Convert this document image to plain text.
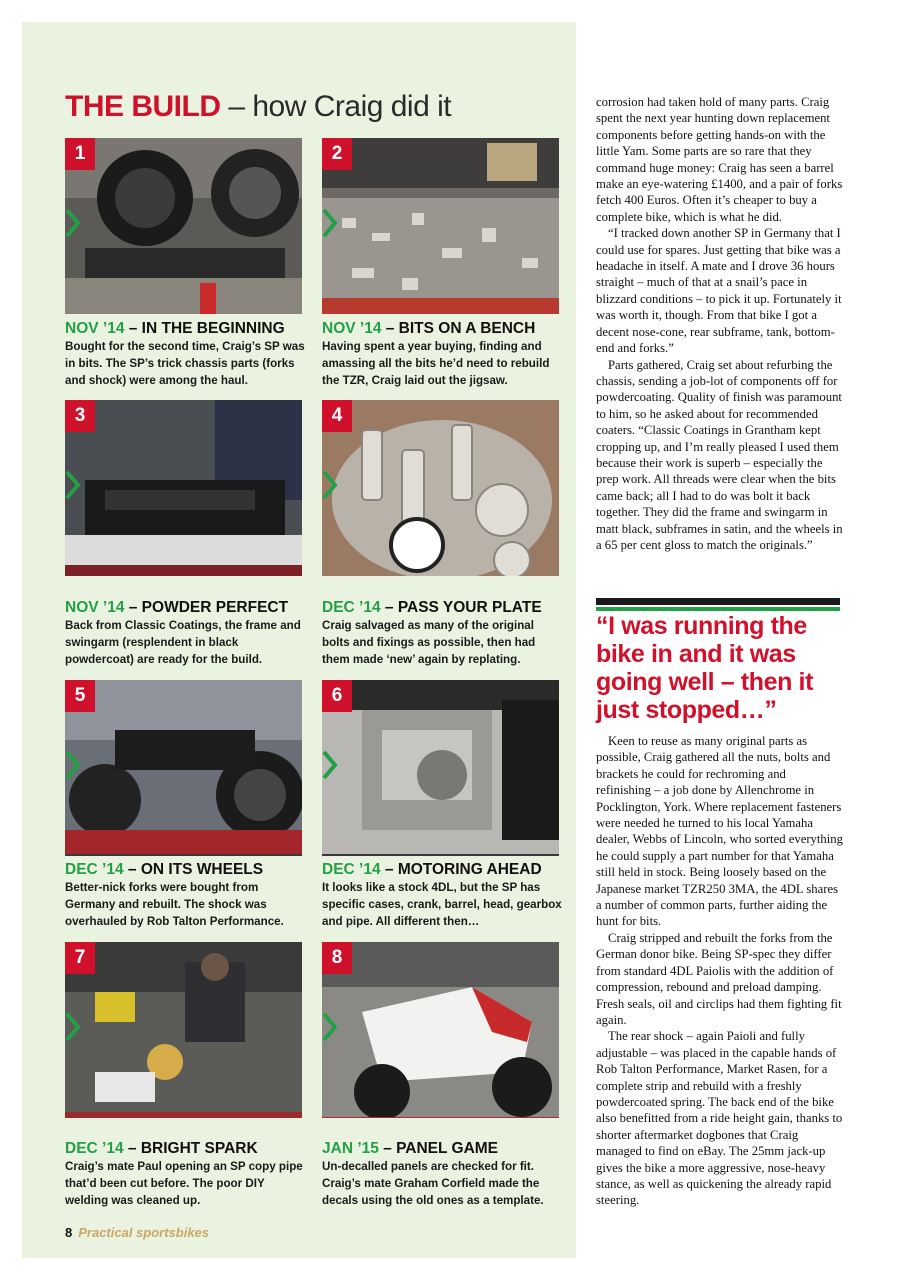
THE BUILD – how Craig did it
1
NOV ’14 – IN THE BEGINNING
Bought for the second time, Craig’s SP was in bits. The SP’s trick chassis parts (forks and shock) were among the haul.
2
NOV ’14 – BITS ON A BENCH
Having spent a year buying, finding and amassing all the bits he’d need to rebuild the TZR, Craig laid out the jigsaw.
3
NOV ’14 – POWDER PERFECT
Back from Classic Coatings, the frame and swingarm (resplendent in black powdercoat) are ready for the build.
4
DEC ’14 – PASS YOUR PLATE
Craig salvaged as many of the original bolts and fixings as possible, then had them made ‘new’ again by replating.
5
DEC ’14 – ON ITS WHEELS
Better-nick forks were bought from Germany and rebuilt. The shock was overhauled by Rob Talton Performance.
6
DEC ’14 – MOTORING AHEAD
It looks like a stock 4DL, but the SP has specific cases, crank, barrel, head, gearbox and pipe. All different then…
7
DEC ’14 – BRIGHT SPARK
Craig’s mate Paul opening an SP copy pipe that’d been cut before. The poor DIY welding was cleaned up.
8
JAN ’15 – PANEL GAME
Un-decalled panels are checked for fit. Craig’s mate Graham Corfield made the decals using the old ones as a template.

corrosion had taken hold of many parts. Craig spent the next year hunting down replacement components before getting hands-on with the little Yam. Some parts are so rare that they command huge money: Craig has seen a barrel make an eye-watering £1400, and a pair of forks fetch 400 Euros. Often it’s cheaper to buy a complete bike, which is what he did.

“I tracked down another SP in Germany that I could use for spares. Just getting that bike was a headache in itself. A mate and I drove 36 hours straight – much of that at a snail’s pace in blizzard conditions – to pick it up. Fortunately it was worth it, though. From that bike I got a decent nose-cone, rear subframe, tank, bottom-end and forks.”

Parts gathered, Craig set about refurbing the chassis, sending a job-lot of components off for powdercoating. Quality of finish was paramount to him, so he asked about for recommended coaters. “Classic Coatings in Grantham kept cropping up, and I’m really pleased I used them because their work is superb – especially the prep work. All threads were clear when the bits came back; all I had to do was bolt it back together. They did the frame and swingarm in matt black, subframes in satin, and the wheels in a 65 per cent gloss to match the originals.”

“I was running the bike in and it was going well – then it just stopped…”

Keen to reuse as many original parts as possible, Craig gathered all the nuts, bolts and brackets he could for rechroming and refinishing – a job done by Allenchrome in Pocklington, York. Where replacement fasteners were needed he turned to his local Yamaha dealer, Webbs of Lincoln, who sorted everything he could supply a part number for that Yamaha still held in stock. Being loosely based on the Japanese market TZR250 3MA, the 4DL shares a number of common parts, further aiding the hunt for bits.

Craig stripped and rebuilt the forks from the German donor bike. Being SP-spec they differ from standard 4DL Paiolis with the addition of compression, rebound and preload damping. Fresh seals, oil and circlips had them fighting fit again.

The rear shock – again Paioli and fully adjustable – was placed in the capable hands of Rob Talton Performance, Market Rasen, for a complete strip and rebuild with a freshly powdercoated spring. The back end of the bike also benefitted from a ride height gain, thanks to shorter aftermarket dogbones that Craig managed to find on eBay. The 25mm jack-up gives the bike a more aggressive, nose-heavy stance, as well as quickening the already rapid steering.

8 Practical sportsbikes
